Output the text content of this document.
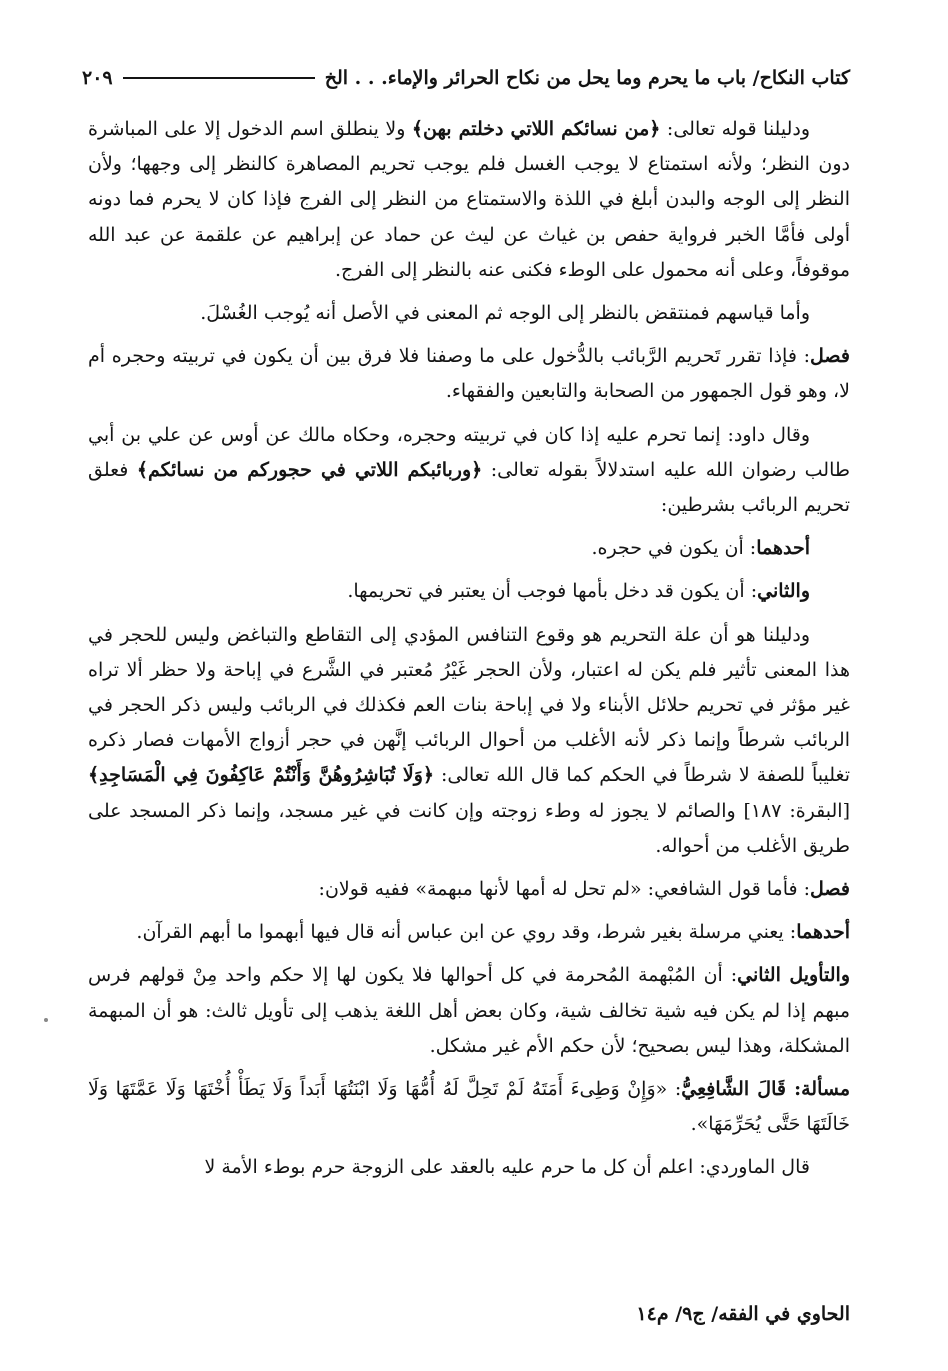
كتاب النكاح/ باب ما يحرم وما يحل من نكاح الحرائر والإماء. . . الخ
٢٠٩

ودليلنا قوله تعالى: ﴿من نسائكم اللاتي دخلتم بهن﴾ ولا ينطلق اسم الدخول إلا على المباشرة دون النظر؛ ولأنه استمتاع لا يوجب الغسل فلم يوجب تحريم المصاهرة كالنظر إلى وجهها؛ ولأن النظر إلى الوجه والبدن أبلغ في اللذة والاستمتاع من النظر إلى الفرج فإذا كان لا يحرم فما دونه أولى فأمَّا الخبر فرواية حفص بن غياث عن ليث عن حماد عن إبراهيم عن علقمة عن عبد الله موقوفاً، وعلى أنه محمول على الوطء فكنى عنه بالنظر إلى الفرج.

وأما قياسهم فمنتقض بالنظر إلى الوجه ثم المعنى في الأصل أنه يُوجب الغُسْلَ.

فصل: فإذا تقرر تَحريم الرَّبائب بالدُّخول على ما وصفنا فلا فرق بين أن يكون في تربيته وحجره أم لا، وهو قول الجمهور من الصحابة والتابعين والفقهاء.

وقال داود: إنما تحرم عليه إذا كان في تربيته وحجره، وحكاه مالك عن أوس عن علي بن أبي طالب رضوان الله عليه استدلالاً بقوله تعالى: ﴿وربائبكم اللاتي في حجوركم من نسائكم﴾ فعلق تحريم الربائب بشرطين:

أحدهما: أن يكون في حجره.

والثاني: أن يكون قد دخل بأمها فوجب أن يعتبر في تحريمها.

ودليلنا هو أن علة التحريم هو وقوع التنافس المؤدي إلى التقاطع والتباغض وليس للحجر في هذا المعنى تأثير فلم يكن له اعتبار، ولأن الحجر غَيْرُ مُعتبر في الشَّرع في إباحة ولا حظر ألا تراه غير مؤثر في تحريم حلائل الأبناء ولا في إباحة بنات العم فكذلك في الربائب وليس ذكر الحجر في الربائب شرطاً وإنما ذكر لأنه الأغلب من أحوال الربائب إنَّهن في حجر أزواج الأمهات فصار ذكره تغليباً للصفة لا شرطاً في الحكم كما قال الله تعالى: ﴿وَلَا تُبَاشِرُوهُنَّ وَأَنْتُمْ عَاكِفُونَ فِي الْمَسَاجِدِ﴾ [البقرة: ١٨٧] والصائم لا يجوز له وطء زوجته وإن كانت في غير مسجد، وإنما ذكر المسجد على طريق الأغلب من أحواله.

فصل: فأما قول الشافعي: «لم تحل له أمها لأنها مبهمة» ففيه قولان:

أحدهما: يعني مرسلة بغير شرط، وقد روي عن ابن عباس أنه قال فيها أبهموا ما أبهم القرآن.

والتأويل الثاني: أن المُبْهمة المُحرمة في كل أحوالها فلا يكون لها إلا حكم واحد مِنْ قولهم فرس مبهم إذا لم يكن فيه شية تخالف شية، وكان بعض أهل اللغة يذهب إلى تأويل ثالث: هو أن المبهمة المشكلة، وهذا ليس بصحيح؛ لأن حكم الأم غير مشكل.

مسألة: قَالَ الشَّافِعِيُّ: «وَإِنْ وَطِىءَ أَمَتَهُ لَمْ تَحِلَّ لَهُ أُمُّهَا وَلَا ابْنَتُهَا أَبَداً وَلَا يَطَأْ أُخْتَهَا وَلَا عَمَّتَهَا وَلَا خَالَتَهَا حَتَّى يُحَرِّمَهَا».

قال الماوردي: اعلم أن كل ما حرم عليه بالعقد على الزوجة حرم بوطء الأمة لا

الحاوي في الفقه/ ج٩/ م١٤
